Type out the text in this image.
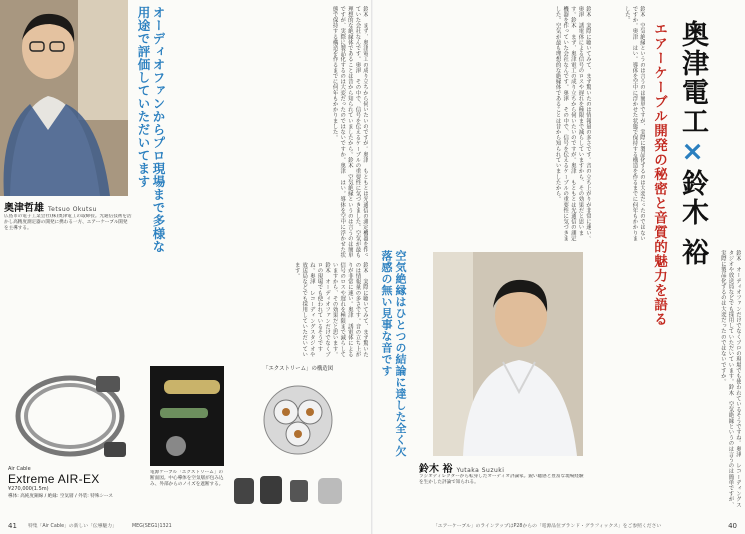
奥津哲雄 Tetsuo Okutsu
広島市の電子工業会社(株)奥津電工の取締役。光通信技術を活かし高精度測定器の開発に携わる一方、エアーケーブル開発を主導する。	オーディオファンからプロ現場まで多様な用途で評価していただいてます	鈴木　まず、奥津電工の成り立ちから伺いたいのですが。奥津　もともとは光通信の測定機器を作っていた会社なんです。奥津　その中で、信号を伝えるケーブルの重要性に気づきました。空気が最も理想的な絶縁体であることは昔から知られていましたから。鈴木　空気絶縁というのは言うのは簡単ですが、実際に製品化するのは大変だったのではないですか。奥津　はい。導体を空中に浮かせた状態で保持する構造を作るまでに何年もかかりました。
鈴木　実際に聴いてみて、まず驚いたのは情報量の多さです。音の立ち上がりが非常に速い。奥津　誘電体による信号のロスや遅れを極限まで減らしていますから、その効果だと思います。鈴木　オーディオファンだけでなくプロの現場でも使われているそうですね。奥津　レコーディングスタジオや放送局などでも採用していただいています。
Air Cable
Extreme AIR-EX
¥270,000(1.5m)
導体: 高純度銅線 / 絶縁: 空気層 / 外装: 特殊シース
「エクストリーム」の構造図
電源ケーブル「エクストリーム」の断面図。中心導体を空気層が包み込み、外部からのノイズを遮断する。
41 特集「Air Cable」の新しい「伝導魅力」	MEG(SEG1)1321
鈴木　実際に聴いてみて、まず驚いたのは情報量の多さです。音の立ち上がりが非常に速い。奥津　誘電体による信号のロスや遅れを極限まで減らしていますから、その効果だと思います。鈴木　まず、奥津電工の成り立ちから伺いたいのですが。奥津　もともとは光通信の測定機器を作っていた会社なんです。奥津　その中で、信号を伝えるケーブルの重要性に気づきました。空気が最も理想的な絶縁体であることは昔から知られていましたから。	エアーケーブル開発の秘密と音質的魅力を語る 奥津電工×鈴木 裕
鈴木　空気絶縁というのは言うのは簡単ですが、実際に製品化するのは大変だったのではないですか。奥津　はい。導体を空中に浮かせた状態で保持する構造を作るまでに何年もかかりました。
空気絶縁はひとつの結論に達した全く欠落感の無い見事な音です
鈴木 裕 Yutaka Suzuki
ラジオディレクターから転身したオーディオ評論家。鋭い聴感と豊富な現場経験を生かした評論で知られる。
鈴木　オーディオファンだけでなくプロの現場でも使われているそうですね。奥津　レコーディングスタジオや放送局などでも採用していただいています。鈴木　空気絶縁というのは言うのは簡単ですが、実際に製品化するのは大変だったのではないですか。
「エアーケーブル」のラインアップはP28からの「電源品位ブランド・グラフィックス」をご参照ください	40
